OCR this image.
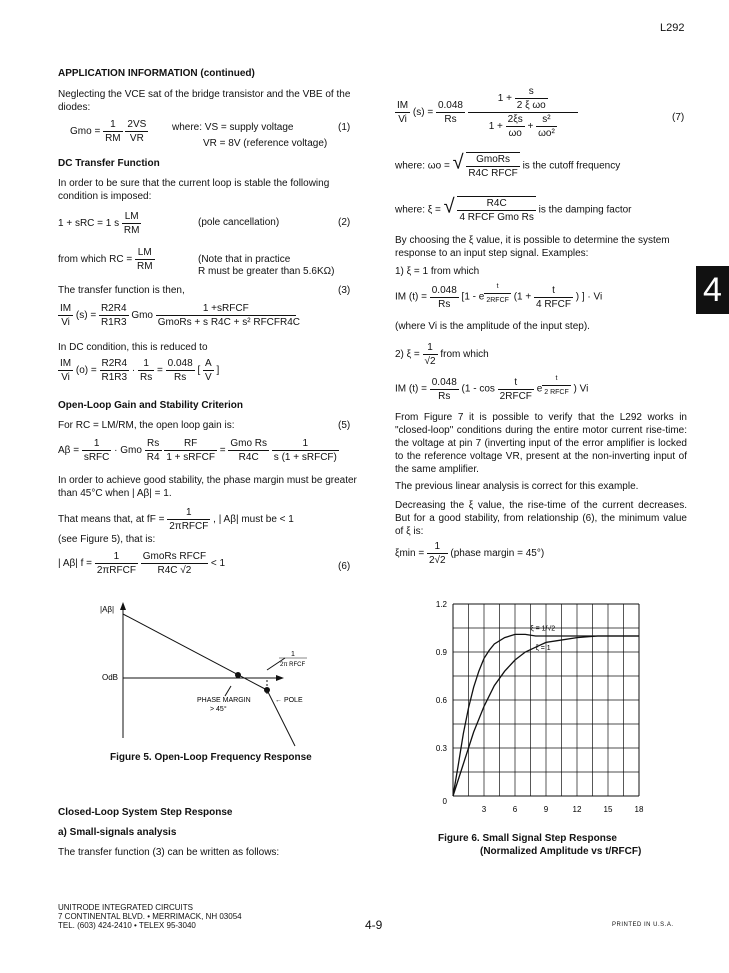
L292
4
APPLICATION INFORMATION (continued)
Neglecting the VCE sat of the bridge transistor and the VBE of the diodes:
Gmo = $\frac{1}{RM}$
$\frac{2VS}{VR}$ where: VS = supply voltage
VR = 8V (reference voltage)
(1)
DC Transfer Function
In order to be sure that the current loop is stable the following condition is imposed:
1 + sRC = 1 s $\frac{LM}{RM}$	(pole cancellation)	(2)
from which RC = $\frac{LM}{RM}$	(Note that in practice
R must be greater than 5.6KΩ)
The transfer function is then,	(3)
$\frac{IM}{Vi} (s) = \frac{R2R4}{R1R3}$ Gmo
1 +sRFCF
GmoRs + s R4C + s² RFCFR4C
In DC condition, this is reduced to
$\frac{IM}{Vi} (o) = \frac{R2R4}{R1R3} \cdot \frac{1}{Rs} = \frac{0.048}{Rs}$ [ $\frac{A}{V}$ ]
Open-Loop Gain and Stability Criterion
For RC = LM/RM, the open loop gain is:	(5)
Aβ =
1
sRFC
· Gmo $\frac{Rs}{R4}$
	RF
1 + sRFCF
=
Gmo Rs
R4C

1
s (1 + sRFCF)
In order to achieve good stability, the phase margin must be greater than 45°C when | Aβ| = 1.
That means that, at fF =
1
2πRFCF
, | Aβ| must be < 1
(see Figure 5), that is:
| Aβ| f =
1
2πRFCF

GmoRs RFCF
R4C √2
< 1	(6)
$\frac{IM}{Vi} (s) = \frac{0.048}{Rs}$

$1 + \frac{s}{\text{2 ξ ωo}}$
$1 + \frac{2\xi s}{\omega o} + \frac{\text{s²}}{\text{ωo²}}$	(7)
where: ωo = √	GmoRs
R4C RFCF
is the cutoff frequency
where: ξ = √	R4C
4 RFCF Gmo Rs
is the damping factor
By choosing the ξ value, it is possible to determine the system response to an input step signal. Examples:
1) ξ = 1 from which
IM $(t) = \frac{0.048}{Rs} [1 - e$
$^{t 2RFCF}$ (1 +
t
4 RFCF
) ] · Vi
(where Vi is the amplitude of the input step).
2) $\xi = \frac{1}{√2}$ from which
IM $(t) = \frac{0.048}{Rs} (1 - \cos$
t
2RFCF
e
$^{t 2 RFCF}$ ) Vi
From Figure 7 it is possible to verify that the L292 works in "closed-loop" conditions during the entire motor current rise-time: the voltage at pin 7 (inverting input of the error amplifier is locked to the reference voltage VR, present at the non-inverting input of the same amplifier.
The previous linear analysis is correct for this example.
Decreasing the ξ value, the rise-time of the current decreases. But for a good stability, from relationship (6), the minimum value of ξ is:
$\xi\min = \frac{1}{2√2}$ (phase margin = 45°)
|Aβ|
OdB
1
2π RFCF
PHASE MARGIN
> 45°
← POLE
Figure 5. Open-Loop Frequency Response
3	6	9	12	15	18
0
0.3
0.6
0.9
1.2
ξ = 1/√2
ξ = 1
Figure 6. Small Signal Step Response
(Normalized Amplitude vs t/RFCF)
Closed-Loop System Step Response
a) Small-signals analysis
The transfer function (3) can be written as follows:
UNITRODE INTEGRATED CIRCUITS
7 CONTINENTAL BLVD. • MERRIMACK, NH 03054
TEL. (603) 424-2410 • TELEX 95-3040	4-9	PRINTED IN U.S.A.
